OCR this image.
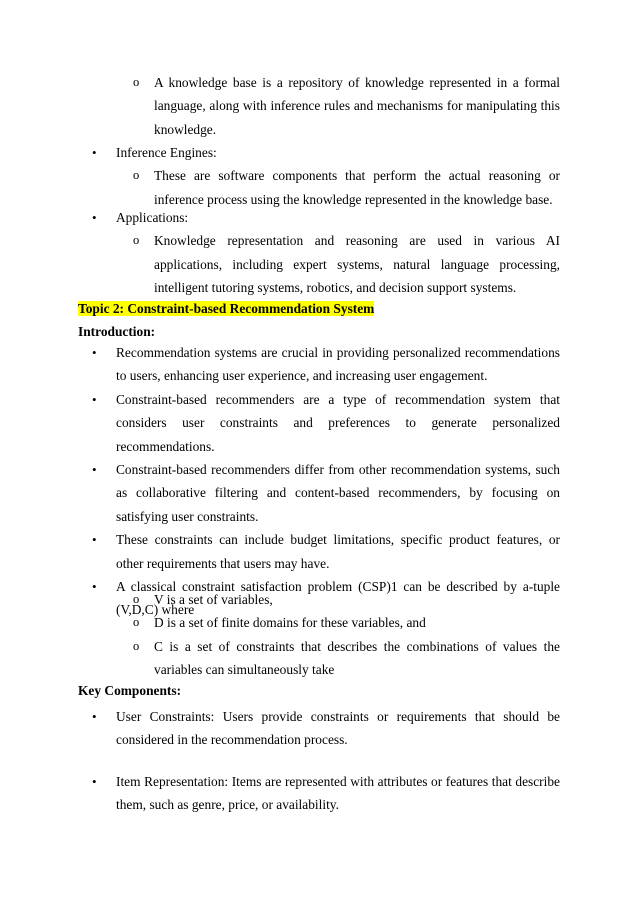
o A knowledge base is a repository of knowledge represented in a formal language, along with inference rules and mechanisms for manipulating this knowledge.
• Inference Engines:
o These are software components that perform the actual reasoning or inference process using the knowledge represented in the knowledge base.
• Applications:
o Knowledge representation and reasoning are used in various AI applications, including expert systems, natural language processing, intelligent tutoring systems, robotics, and decision support systems.
Topic 2: Constraint-based Recommendation System
Introduction:
• Recommendation systems are crucial in providing personalized recommendations to users, enhancing user experience, and increasing user engagement.
• Constraint-based recommenders are a type of recommendation system that considers user constraints and preferences to generate personalized recommendations.
• Constraint-based recommenders differ from other recommendation systems, such as collaborative filtering and content-based recommenders, by focusing on satisfying user constraints.
• These constraints can include budget limitations, specific product features, or other requirements that users may have.
• A classical constraint satisfaction problem (CSP)1 can be described by a-tuple (V,D,C) where
o V is a set of variables,
o D is a set of finite domains for these variables, and
o C is a set of constraints that describes the combinations of values the variables can simultaneously take
Key Components:
• User Constraints: Users provide constraints or requirements that should be considered in the recommendation process.
• Item Representation: Items are represented with attributes or features that describe them, such as genre, price, or availability.
